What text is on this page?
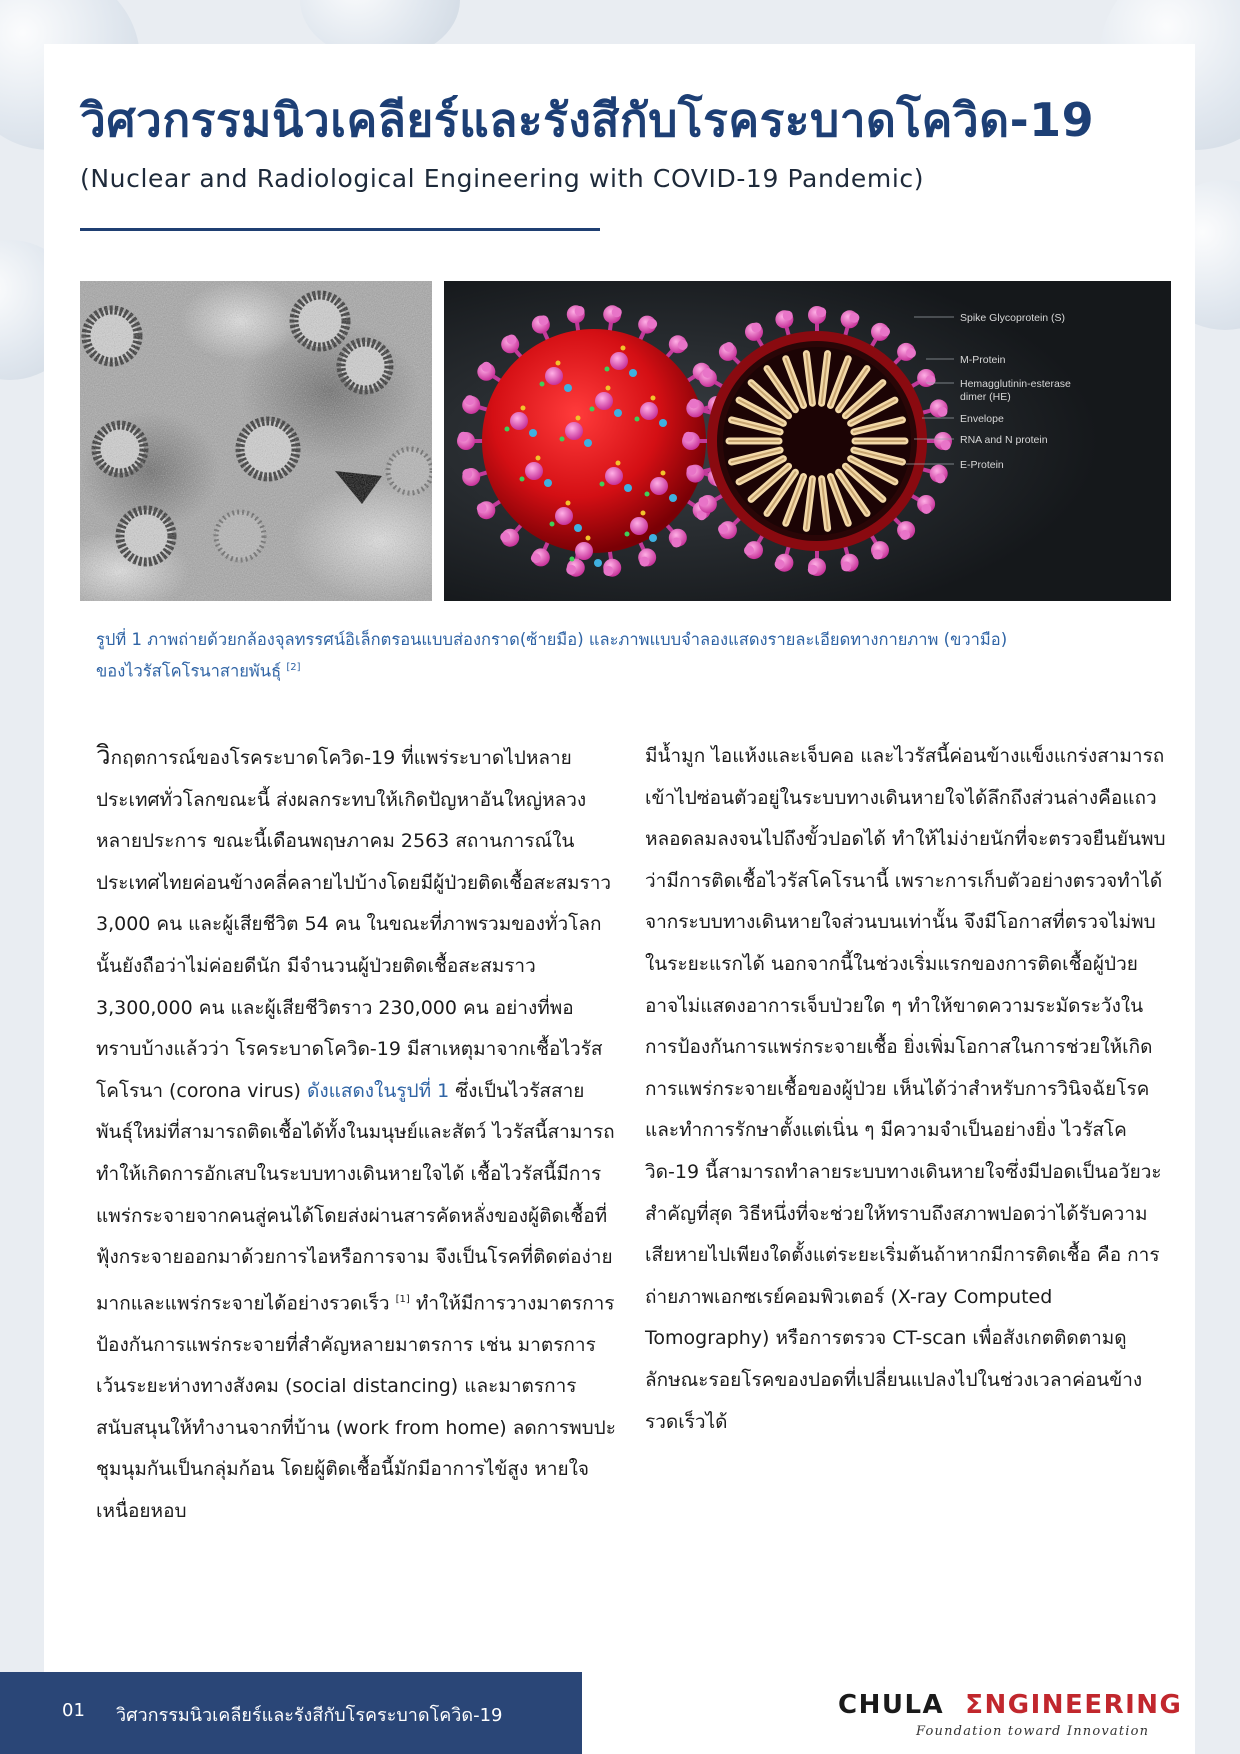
วิศวกรรมนิวเคลียร์และรังสีกับโรคระบาดโควิด-19
(Nuclear and Radiological Engineering with COVID-19 Pandemic)
Spike Glycoprotein (S)
M-Protein
Hemagglutinin-esterase
dimer (HE)
Envelope
RNA and N protein
E-Protein
รูปที่ 1 ภาพถ่ายด้วยกล้องจุลทรรศน์อิเล็กตรอนแบบส่องกราด(ซ้ายมือ) และภาพแบบจำลองแสดงรายละเอียดทางกายภาพ (ขวามือ)
ของไวรัสโคโรนาสายพันธุ์ [2]

วิกฤตการณ์ของโรคระบาดโควิด-19 ที่แพร่ระบาดไปหลายประเทศทั่วโลกขณะนี้ ส่งผลกระทบให้เกิดปัญหาอันใหญ่หลวงหลายประการ ขณะนี้เดือนพฤษภาคม 2563 สถานการณ์ในประเทศไทยค่อนข้างคลี่คลายไปบ้างโดยมีผู้ป่วยติดเชื้อสะสมราว 3,000 คน และผู้เสียชีวิต 54 คน ในขณะที่ภาพรวมของทั่วโลกนั้นยังถือว่าไม่ค่อยดีนัก มีจำนวนผู้ป่วยติดเชื้อสะสมราว 3,300,000 คน และผู้เสียชีวิตราว 230,000 คน อย่างที่พอทราบบ้างแล้วว่า โรคระบาดโควิด-19 มีสาเหตุมาจากเชื้อไวรัสโคโรนา (corona virus) ดังแสดงในรูปที่ 1 ซึ่งเป็นไวรัสสายพันธุ์ใหม่ที่สามารถติดเชื้อได้ทั้งในมนุษย์และสัตว์ ไวรัสนี้สามารถทำให้เกิดการอักเสบในระบบทางเดินหายใจได้ เชื้อไวรัสนี้มีการแพร่กระจายจากคนสู่คนได้โดยส่งผ่านสารคัดหลั่งของผู้ติดเชื้อที่ฟุ้งกระจายออกมาด้วยการไอหรือการจาม จึงเป็นโรคที่ติดต่อง่ายมากและแพร่กระจายได้อย่างรวดเร็ว [1] ทำให้มีการวางมาตรการป้องกันการแพร่กระจายที่สำคัญหลายมาตรการ เช่น มาตรการเว้นระยะห่างทางสังคม (social distancing) และมาตรการสนับสนุนให้ทำงานจากที่บ้าน (work from home) ลดการพบปะชุมนุมกันเป็นกลุ่มก้อน โดยผู้ติดเชื้อนี้มักมีอาการไข้สูง หายใจเหนื่อยหอบ

มีน้ำมูก ไอแห้งและเจ็บคอ และไวรัสนี้ค่อนข้างแข็งแกร่งสามารถเข้าไปซ่อนตัวอยู่ในระบบทางเดินหายใจได้ลึกถึงส่วนล่างคือแถวหลอดลมลงจนไปถึงขั้วปอดได้ ทำให้ไม่ง่ายนักที่จะตรวจยืนยันพบว่ามีการติดเชื้อไวรัสโคโรนานี้ เพราะการเก็บตัวอย่างตรวจทำได้จากระบบทางเดินหายใจส่วนบนเท่านั้น จึงมีโอกาสที่ตรวจไม่พบในระยะแรกได้ นอกจากนี้ในช่วงเริ่มแรกของการติดเชื้อผู้ป่วยอาจไม่แสดงอาการเจ็บป่วยใด ๆ ทำให้ขาดความระมัดระวังในการป้องกันการแพร่กระจายเชื้อ ยิ่งเพิ่มโอกาสในการช่วยให้เกิดการแพร่กระจายเชื้อของผู้ป่วย เห็นได้ว่าสำหรับการวินิจฉัยโรคและทำการรักษาตั้งแต่เนิ่น ๆ มีความจำเป็นอย่างยิ่ง ไวรัสโควิด-19 นี้สามารถทำลายระบบทางเดินหายใจซึ่งมีปอดเป็นอวัยวะสำคัญที่สุด วิธีหนึ่งที่จะช่วยให้ทราบถึงสภาพปอดว่าได้รับความเสียหายไปเพียงใดตั้งแต่ระยะเริ่มต้นถ้าหากมีการติดเชื้อ คือ การถ่ายภาพเอกซเรย์คอมพิวเตอร์ (X-ray Computed Tomography) หรือการตรวจ CT-scan เพื่อสังเกตติดตามดูลักษณะรอยโรคของปอดที่เปลี่ยนแปลงไปในช่วงเวลาค่อนข้างรวดเร็วได้

01 วิศวกรรมนิวเคลียร์และรังสีกับโรคระบาดโควิด-19	CHULA ΣNGINEERING
Foundation toward Innovation
